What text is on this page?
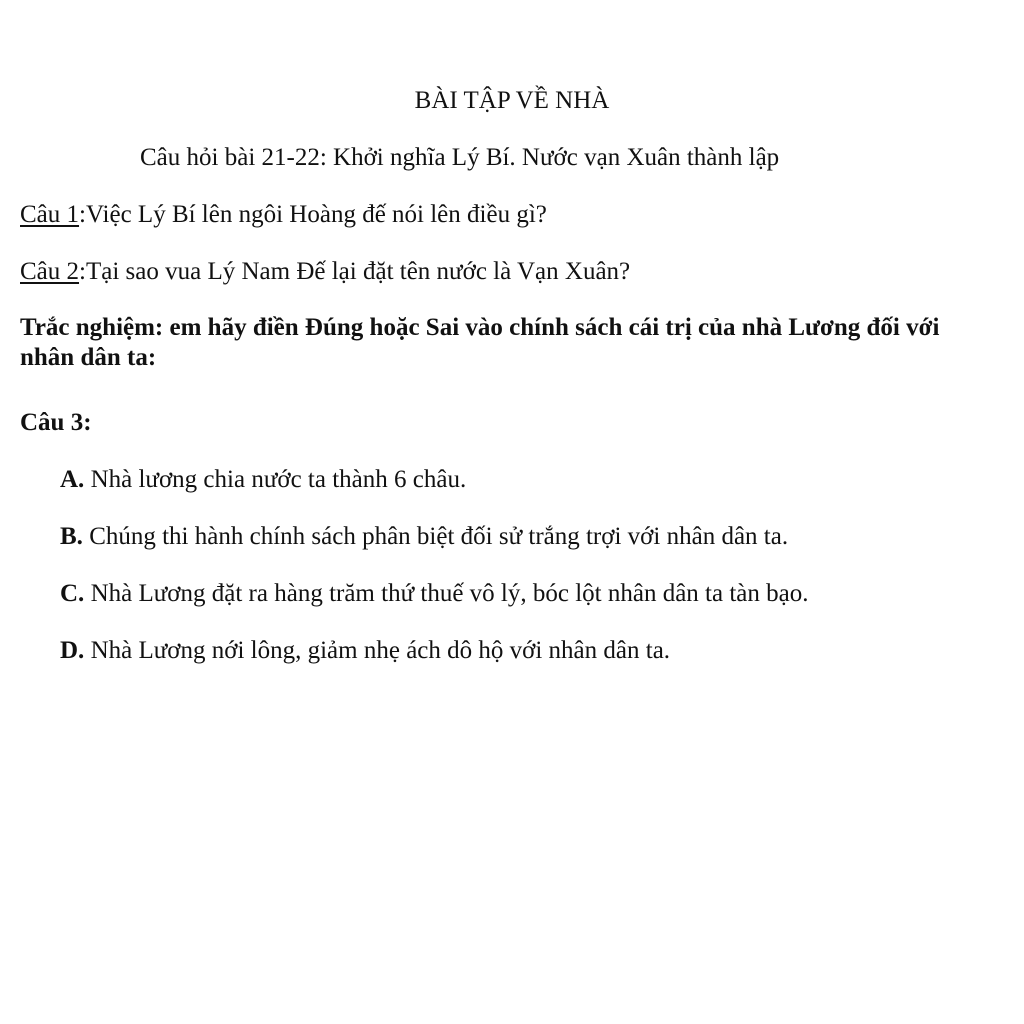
BÀI TẬP VỀ NHÀ
Câu hỏi bài 21-22: Khởi nghĩa Lý Bí. Nước vạn Xuân thành lập
Câu 1:Việc Lý Bí lên ngôi Hoàng đế nói lên điều gì?
Câu 2:Tại sao vua Lý Nam Đế lại đặt tên nước là Vạn Xuân?
Trắc nghiệm: em hãy điền Đúng hoặc Sai vào chính sách cái trị của nhà Lương đối với nhân dân ta:
Câu 3:
A. Nhà lương chia nước ta thành 6 châu.
B. Chúng thi hành chính sách phân biệt đối sử trắng trợi với nhân dân ta.
C. Nhà Lương đặt ra hàng trăm thứ thuế vô lý, bóc lột nhân dân ta tàn bạo.
D. Nhà Lương nới lông, giảm nhẹ ách dô hộ với nhân dân ta.
